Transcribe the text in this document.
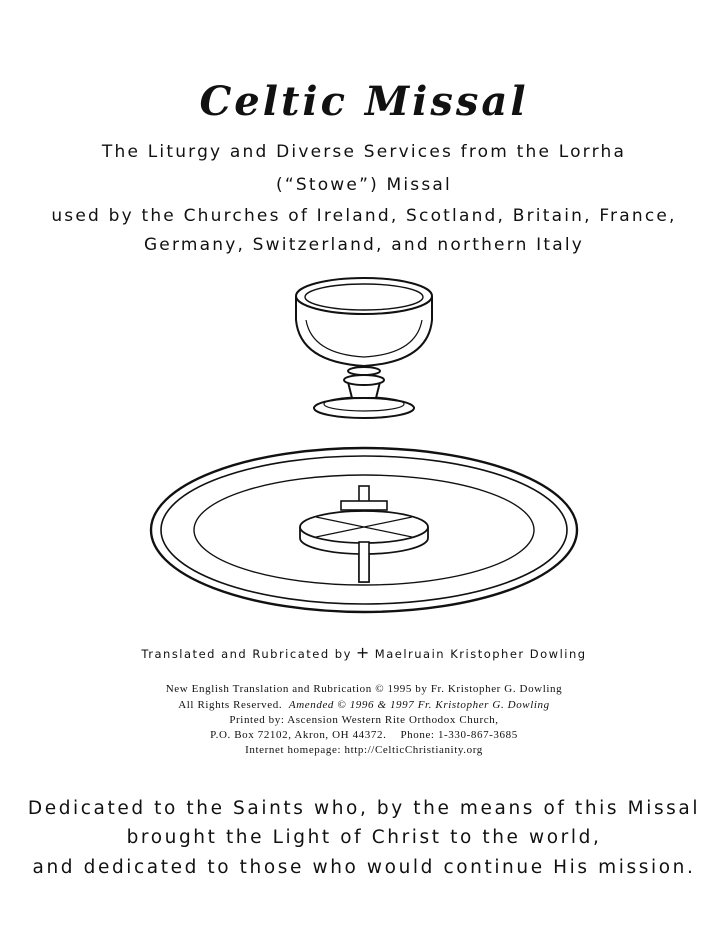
Celtic Missal
The Liturgy and Diverse Services from the Lorrha
(“Stowe”) Missal
used by the Churches of Ireland, Scotland, Britain, France,
Germany, Switzerland, and northern Italy
Translated and Rubricated by + Maelruain Kristopher Dowling
New English Translation and Rubrication © 1995 by Fr. Kristopher G. Dowling
All Rights Reserved. Amended © 1996 & 1997 Fr. Kristopher G. Dowling
Printed by: Ascension Western Rite Orthodox Church,
P.O. Box 72102, Akron, OH 44372. Phone: 1-330-867-3685
Internet homepage: http://CelticChristianity.org
Dedicated to the Saints who, by the means of this Missal
brought the Light of Christ to the world,
and dedicated to those who would continue His mission.
